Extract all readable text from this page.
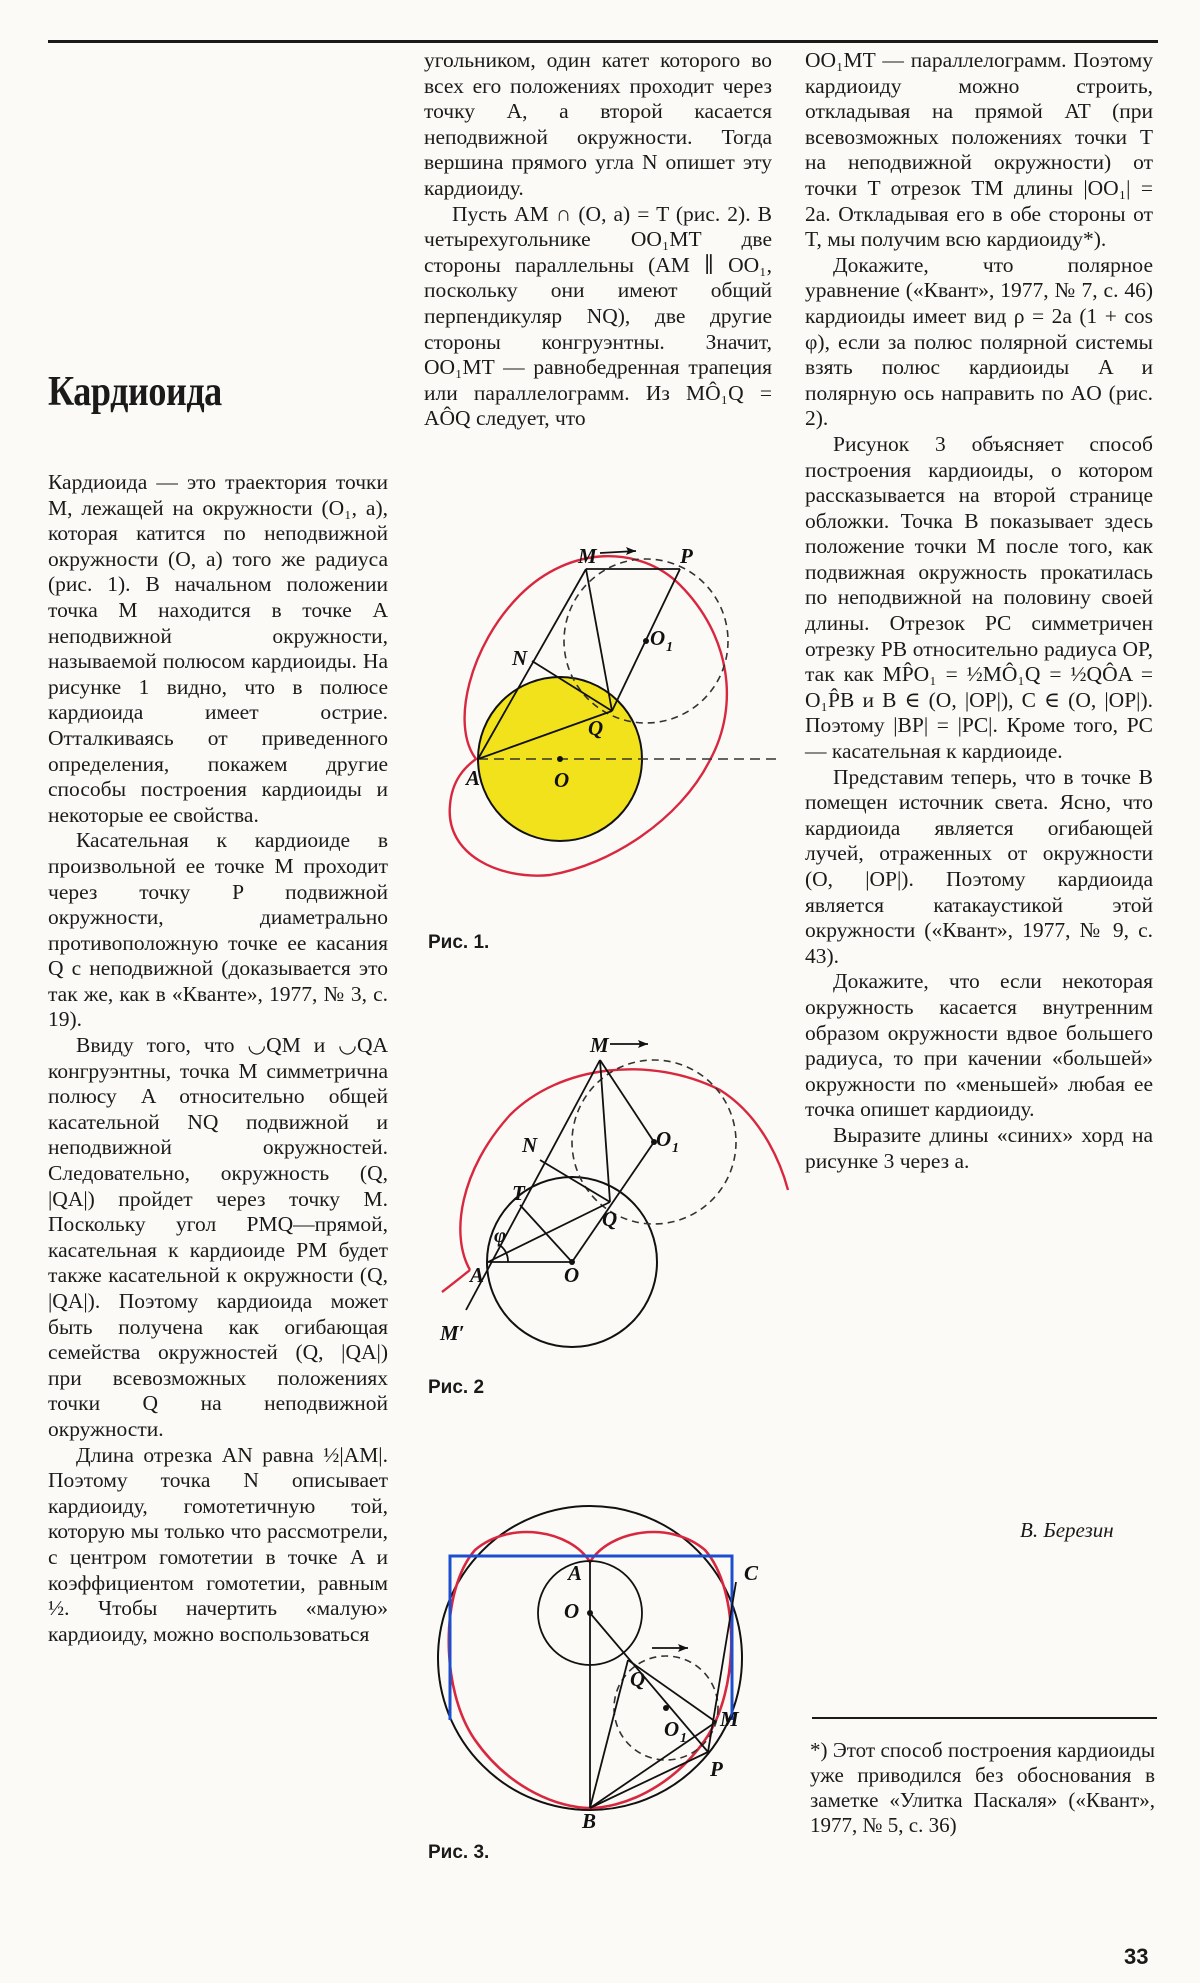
Кардиоида

Кардиоида — это траектория точки M, лежащей на окружности (O₁, a), которая катится по неподвижной окружности (O, a) того же радиуса (рис. 1). В начальном положении точка M находится в точке A неподвижной окружности, называемой полюсом кардиоиды. На рисунке 1 видно, что в полюсе кардиоида имеет острие. Отталкиваясь от приведенного определения, покажем другие способы построения кардиоиды и некоторые ее свойства.

Касательная к кардиоиде в произвольной ее точке M проходит через точку P подвижной окружности, диаметрально противоположную точке ее касания Q с неподвижной (доказывается это так же, как в «Кванте», 1977, № 3, с. 19).

Ввиду того, что ◡QM и ◡QA конгруэнтны, точка M симметрична полюсу A относительно общей касательной NQ подвижной и неподвижной окружностей. Следовательно, окружность (Q, |QA|) пройдет через точку M. Поскольку угол PMQ—прямой, касательная к кардиоиде PM будет также касательной к окружности (Q, |QA|). Поэтому кардиоида может быть получена как огибающая семейства окружностей (Q, |QA|) при всевозможных положениях точки Q на неподвижной окружности.

Длина отрезка AN равна ½|AM|. Поэтому точка N описывает кардиоиду, гомотетичную той, которую мы только что рассмотрели, с центром гомотетии в точке A и коэффициентом гомотетии, равным ½. Чтобы начертить «малую» кардиоиду, можно воспользоваться

угольником, один катет которого во всех его положениях проходит через точку A, а второй касается неподвижной окружности. Тогда вершина прямого угла N опишет эту кардиоиду.

Пусть AM ∩ (O, a) = T (рис. 2). В четырехугольнике OO₁MT две стороны параллельны (AM ∥ OO₁, поскольку они имеют общий перпендикуляр NQ), две другие стороны конгруэнтны. Значит, OO₁MT — равнобедренная трапеция или параллелограмм. Из MÔ₁Q = AÔQ следует, что

OO₁MT — параллелограмм. Поэтому кардиоиду можно строить, откладывая на прямой AT (при всевозможных положениях точки T на неподвижной окружности) от точки T отрезок TM длины |OO₁| = 2a. Откладывая его в обе стороны от T, мы получим всю кардиоиду*).

Докажите, что полярное уравнение («Квант», 1977, № 7, с. 46) кардиоиды имеет вид ρ = 2a (1 + cos φ), если за полюс полярной системы взять полюс кардиоиды A и полярную ось направить по AO (рис. 2).

Рисунок 3 объясняет способ построения кардиоиды, о котором рассказывается на второй странице обложки. Точка B показывает здесь положение точки M после того, как подвижная окружность прокатилась по неподвижной на половину своей длины. Отрезок PC симметричен отрезку PB относительно радиуса OP, так как MP̂O₁ = ½MÔ₁Q = ½QÔA = O₁P̂B и B ∈ (O, |OP|), C ∈ (O, |OP|). Поэтому |BP| = |PC|. Кроме того, PC — касательная к кардиоиде.

Представим теперь, что в точке B помещен источник света. Ясно, что кардиоида является огибающей лучей, отраженных от окружности (O, |OP|). Поэтому кардиоида является катакаустикой этой окружности («Квант», 1977, № 9, с. 43).

Докажите, что если некоторая окружность касается внутренним образом окружности вдвое большего радиуса, то при качении «большей» окружности по «меньшей» любая ее точка опишет кардиоиду.

Выразите длины «синих» хорд на рисунке 3 через a.

В. Березин
*) Этот способ построения кардиоиды уже приводился без обоснования в заметке «Улитка Паскаля» («Квант», 1977, № 5, с. 36)
M	P
N
O 1
Q
A	O
Рис. 1.
M
N	O 1
T
Q
φ
A	O
M′
Рис. 2
A	C
O
M
Q
O 1
P
B
Рис. 3.
33
